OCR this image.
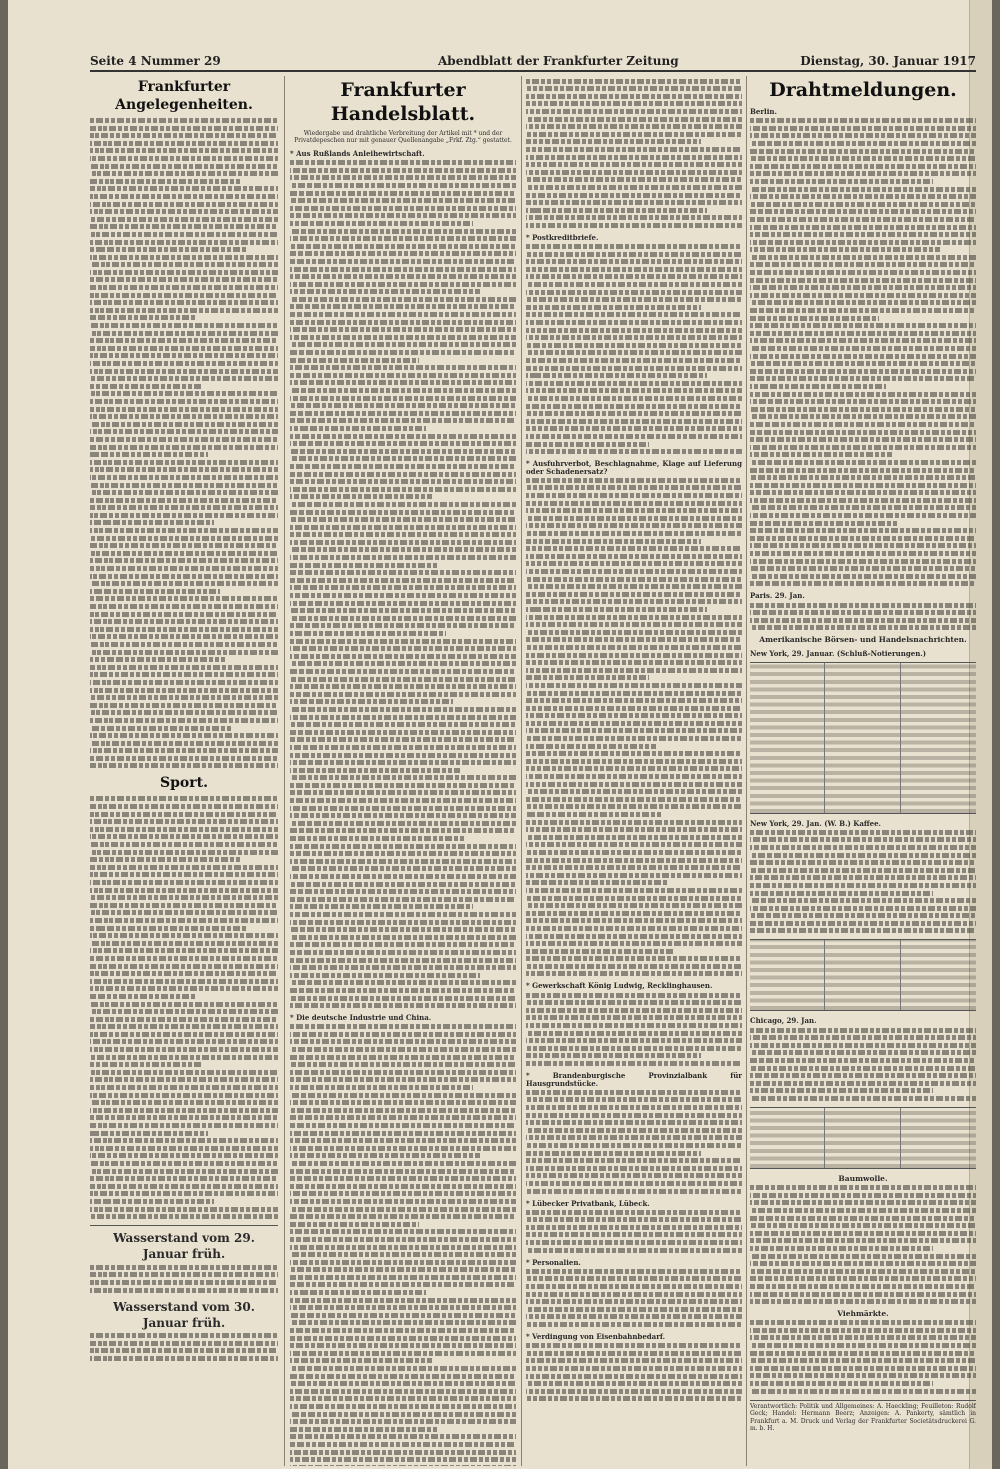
Seite 4 Nummer 29	Abendblatt der Frankfurter Zeitung	Dienstag, 30. Januar 1917
Frankfurter Angelegenheiten.
Sport.
Wasserstand vom 29. Januar früh.
Wasserstand vom 30. Januar früh.
Frankfurter Handelsblatt.
Wiedergabe und drahtliche Verbreitung der Artikel mit * und der Privatdepeschen nur mit genauer Quellenangabe „Frkf. Ztg.“ gestattet.
* Aus Rußlands Anleihewirtschaft.
* Die deutsche Industrie und China.
* Postkreditbriefe.
* Ausfuhrverbot, Beschlagnahme, Klage auf Lieferung oder Schadenersatz?
* Gewerkschaft König Ludwig, Recklinghausen.
* Brandenburgische Provinzialbank für Hausgrundstücke.
* Lübecker Privatbank, Lübeck.
* Personalien.
* Verdingung von Eisenbahnbedarf.
Drahtmeldungen.
Berlin.
Paris. 29. Jan.
Amerikanische Börsen- und Handelsnachrichten.
New York, 29. Januar. (Schluß-Notierungen.)
New York, 29. Jan. (W. B.) Kaffee.
Chicago, 29. Jan.
Baumwolle.
Viehmärkte.
Verantwortlich: Politik und Allgemeines: A. Haeckling; Feuilleton: Rudolf Geck; Handel: Hermann Beerz; Anzeigen: A. Pankerty, sämtlich in Frankfurt a. M. Druck und Verlag der Frankfurter Societätsdruckerei G. m. b. H.
